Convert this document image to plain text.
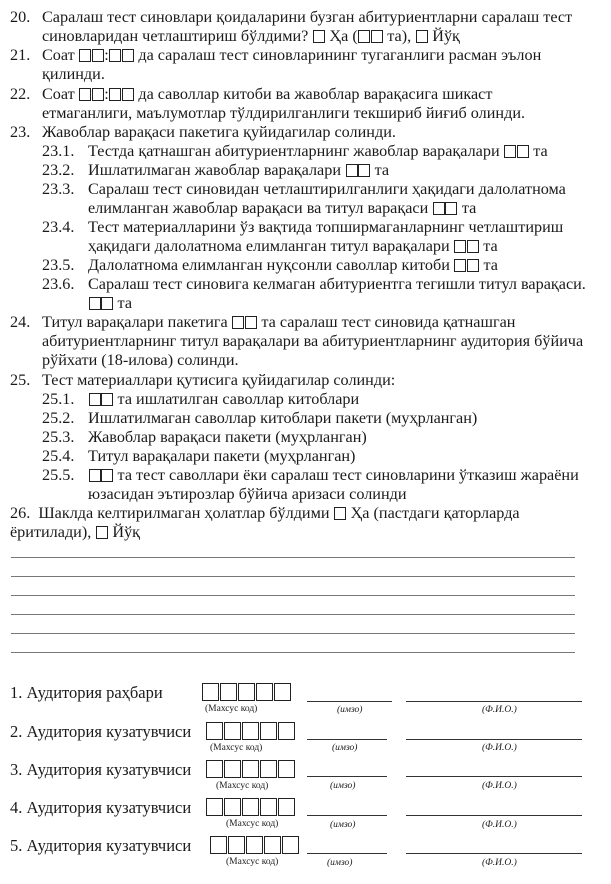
20. Саралаш тест синовлари қоидаларини бузган абитуриентларни саралаш тест
синовларидан четлаштириш бўлдими? Ҳа ( та), Йўқ
21. Соат : да саралаш тест синовларининг тугаганлиги расман эълон
қилинди.
22. Соат : да саволлар китоби ва жавоблар варақасига шикаст
етмаганлиги, маълумотлар тўлдирилганлиги текшириб йиғиб олинди.
23. Жавоблар варақаси пакетига қуйидагилар солинди.
23.1. Тестда қатнашган абитуриентларнинг жавоблар варақалари та
23.2. Ишлатилмаган жавоблар варақалари та
23.3. Саралаш тест синовидан четлаштирилганлиги ҳақидаги далолатнома
елимланган жавоблар варақаси ва титул варақаси та
23.4. Тест материалларини ўз вақтида топширмаганларнинг четлаштириш
ҳақидаги далолатнома елимланган титул варақалари та
23.5. Далолатнома елимланган нуқсонли саволлар китоби та
23.6. Саралаш тест синовига келмаган абитуриентга тегишли титул варақаси.
та
24. Титул варақалари пакетига та саралаш тест синовида қатнашган
абитуриентларнинг титул варақалари ва абитуриентларнинг аудитория бўйича
рўйхати (18-илова) солинди.
25. Тест материаллари қутисига қуйидагилар солинди:
25.1.	та ишлатилган саволлар китоблари
25.2. Ишлатилмаган саволлар китоблари пакети (муҳрланган)
25.3. Жавоблар варақаси пакети (муҳрланган)
25.4. Титул варақалари пакети (муҳрланган)
25.5.	та тест саволлари ёки саралаш тест синовларини ўтказиш жараёни
юзасидан эътирозлар бўйича аризаси солинди
26. Шаклда келтирилмаган ҳолатлар бўлдими Ҳа (пастдаги қаторларда
ёритилади), Йўқ
1. Аудитория раҳбари
(Махсус код)	(имзо)	(Ф.И.О.)
2. Аудитория кузатувчиси
(Махсус код)	(имзо)	(Ф.И.О.)
3. Аудитория кузатувчиси
(Махсус код)	(имзо)	(Ф.И.О.)
4. Аудитория кузатувчиси
(Махсус код)	(имзо)	(Ф.И.О.)
5. Аудитория кузатувчиси
(Махсус код)	(имзо)	(Ф.И.О.)
